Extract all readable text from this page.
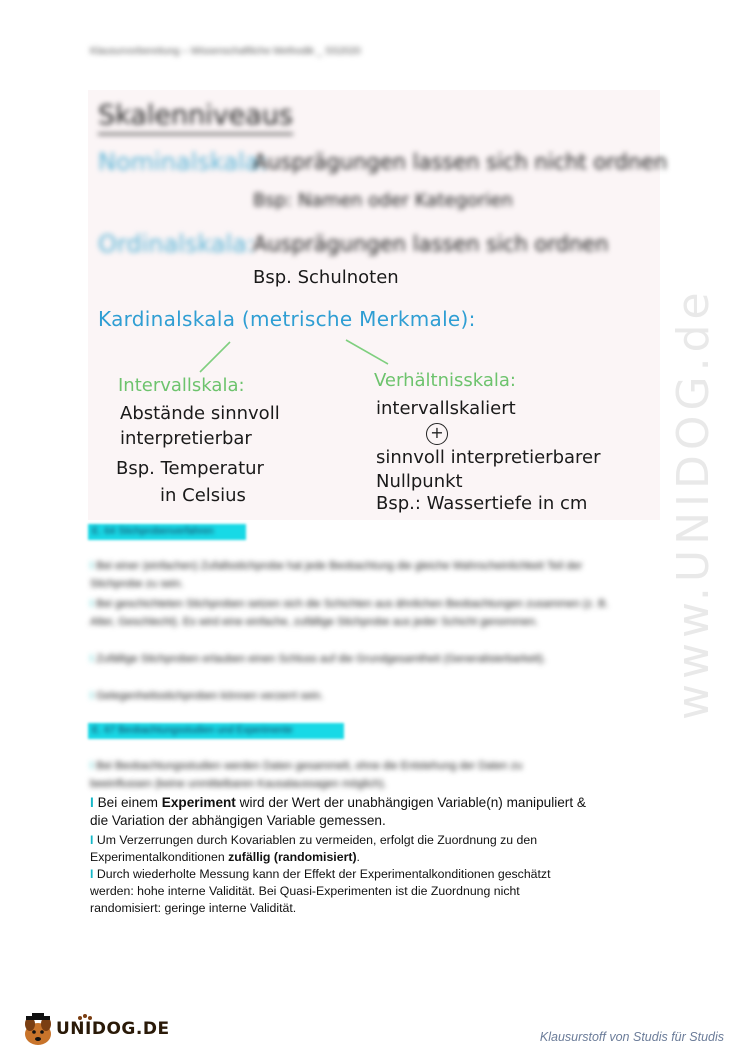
Klausurvorbereitung – Wissenschaftliche Methodik _ SS2020
Skalenniveaus
Nominalskala:
Ausprägungen lassen sich nicht ordnen
Bsp: Namen oder Kategorien
Ordinalskala:
Ausprägungen lassen sich ordnen
Bsp. Schulnoten
Kardinalskala (metrische Merkmale):
Intervallskala:
Abstände sinnvoll
interpretierbar
Bsp. Temperatur
in Celsius
Verhältnisskala:
intervallskaliert
+
sinnvoll interpretierbarer
Nullpunkt
Bsp.: Wassertiefe in cm
E. 64 Stichprobenverfahren
I Bei einer (einfachen) Zufallsstichprobe hat jede Beobachtung die gleiche Wahrscheinlichkeit Teil der Stichprobe zu sein.
I Bei geschichteten Stichproben setzen sich die Schichten aus ähnlichen Beobachtungen zusammen (z. B. Alter, Geschlecht). Es wird eine einfache, zufällige Stichprobe aus jeder Schicht genommen.
I Zufällige Stichproben erlauben einen Schluss auf die Grundgesamtheit (Generalisierbarkeit).
I Gelegenheitsstichproben können verzerrt sein.
E. 67 Beobachtungsstudien und Experimente
I Bei Beobachtungsstudien werden Daten gesammelt, ohne die Entstehung der Daten zu beeinflussen (keine unmittelbaren Kausalaussagen möglich).
I Bei einem Experiment wird der Wert der unabhängigen Variable(n) manipuliert & die Variation der abhängigen Variable gemessen.
I Um Verzerrungen durch Kovariablen zu vermeiden, erfolgt die Zuordnung zu den Experimentalkonditionen zufällig (randomisiert).
I Durch wiederholte Messung kann der Effekt der Experimentalkonditionen geschätzt werden: hohe interne Validität. Bei Quasi-Experimenten ist die Zuordnung nicht randomisiert: geringe interne Validität.
www.UNIDOG.de
UNIDOG.DE	Klausurstoff von Studis für Studis
